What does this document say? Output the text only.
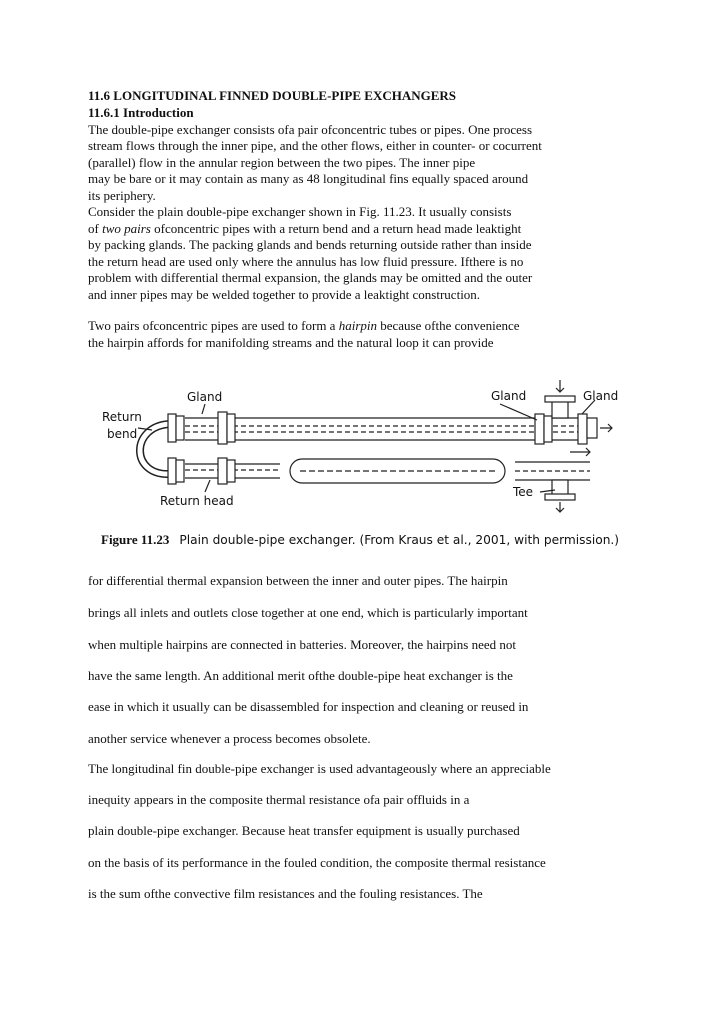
11.6 LONGITUDINAL FINNED DOUBLE-PIPE EXCHANGERS
11.6.1 Introduction
The double-pipe exchanger consists ofa pair ofconcentric tubes or pipes. One process
stream flows through the inner pipe, and the other flows, either in counter- or cocurrent
(parallel) flow in the annular region between the two pipes. The inner pipe
may be bare or it may contain as many as 48 longitudinal fins equally spaced around
its periphery.
Consider the plain double-pipe exchanger shown in Fig. 11.23. It usually consists
of two pairs ofconcentric pipes with a return bend and a return head made leaktight
by packing glands. The packing glands and bends returning outside rather than inside
the return head are used only where the annulus has low fluid pressure. Ifthere is no
problem with differential thermal expansion, the glands may be omitted and the outer
and inner pipes may be welded together to provide a leaktight construction.
Two pairs ofconcentric pipes are used to form a hairpin because ofthe convenience
the hairpin affords for manifolding streams and the natural loop it can provide
Gland	Gland	Gland
Return
bend
Return head
Tee
Figure 11.23 Plain double-pipe exchanger. (From Kraus et al., 2001, with permission.)
for differential thermal expansion between the inner and outer pipes. The hairpin
brings all inlets and outlets close together at one end, which is particularly important
when multiple hairpins are connected in batteries. Moreover, the hairpins need not
have the same length. An additional merit ofthe double-pipe heat exchanger is the
ease in which it usually can be disassembled for inspection and cleaning or reused in
another service whenever a process becomes obsolete.
The longitudinal fin double-pipe exchanger is used advantageously where an appreciable
inequity appears in the composite thermal resistance ofa pair offluids in a
plain double-pipe exchanger. Because heat transfer equipment is usually purchased
on the basis of its performance in the fouled condition, the composite thermal resistance
is the sum ofthe convective film resistances and the fouling resistances. The
